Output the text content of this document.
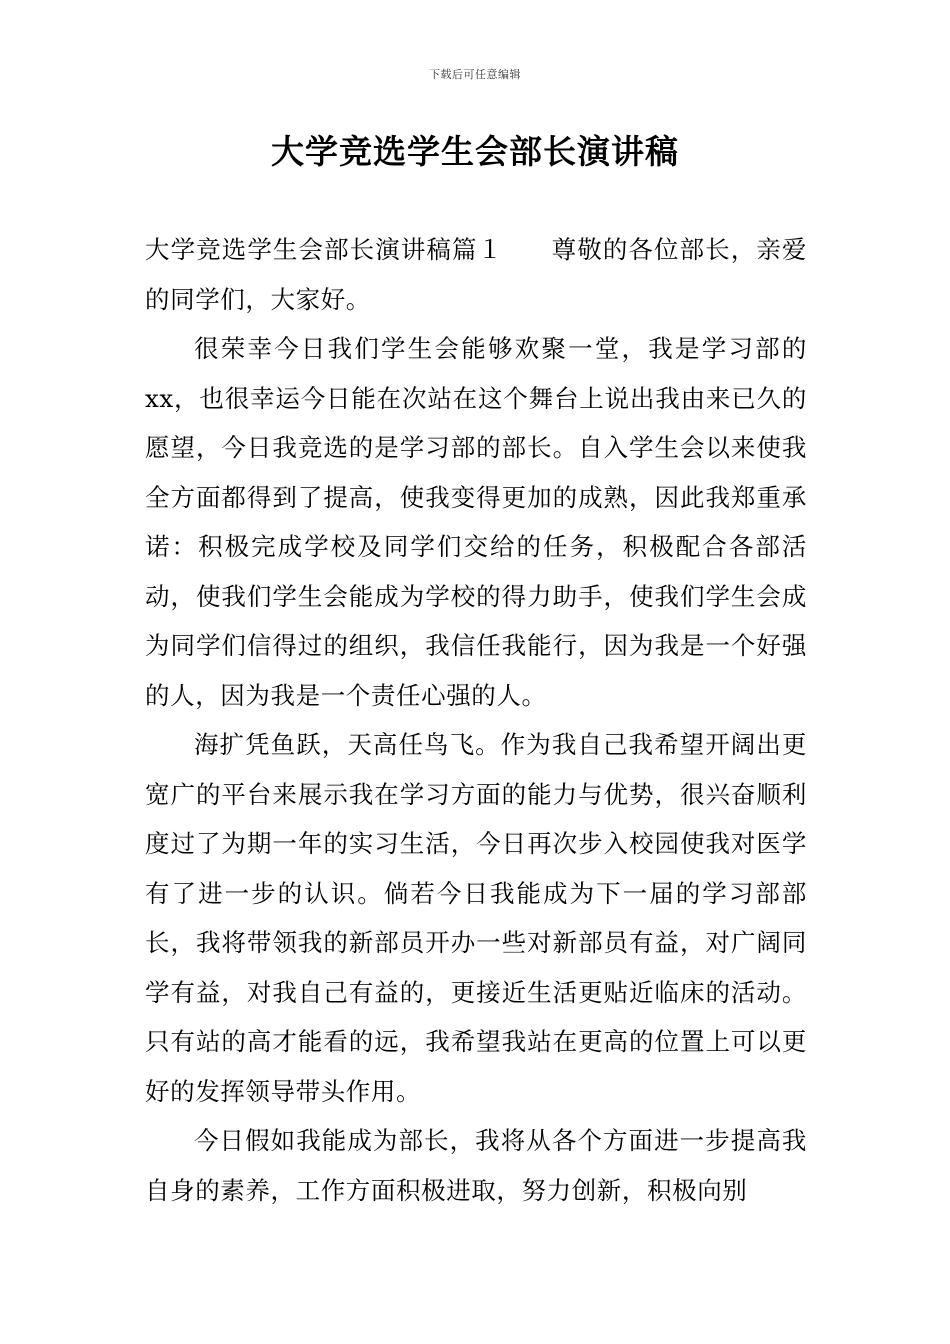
下载后可任意编辑
大学竞选学生会部长演讲稿

大学竞选学生会部长演讲稿篇１ 尊敬的各位部长，亲爱的同学们，大家好。

很荣幸今日我们学生会能够欢聚一堂，我是学习部的xx，也很幸运今日能在次站在这个舞台上说出我由来已久的愿望，今日我竞选的是学习部的部长。自入学生会以来使我全方面都得到了提高，使我变得更加的成熟，因此我郑重承诺：积极完成学校及同学们交给的任务，积极配合各部活动，使我们学生会能成为学校的得力助手，使我们学生会成为同学们信得过的组织，我信任我能行，因为我是一个好强的人，因为我是一个责任心强的人。

海扩凭鱼跃，天高任鸟飞。作为我自己我希望开阔出更宽广的平台来展示我在学习方面的能力与优势，很兴奋顺利度过了为期一年的实习生活，今日再次步入校园使我对医学有了进一步的认识。倘若今日我能成为下一届的学习部部长，我将带领我的新部员开办一些对新部员有益，对广阔同学有益，对我自己有益的，更接近生活更贴近临床的活动。只有站的高才能看的远，我希望我站在更高的位置上可以更好的发挥领导带头作用。

今日假如我能成为部长，我将从各个方面进一步提高我自身的素养，工作方面积极进取，努力创新，积极向别
